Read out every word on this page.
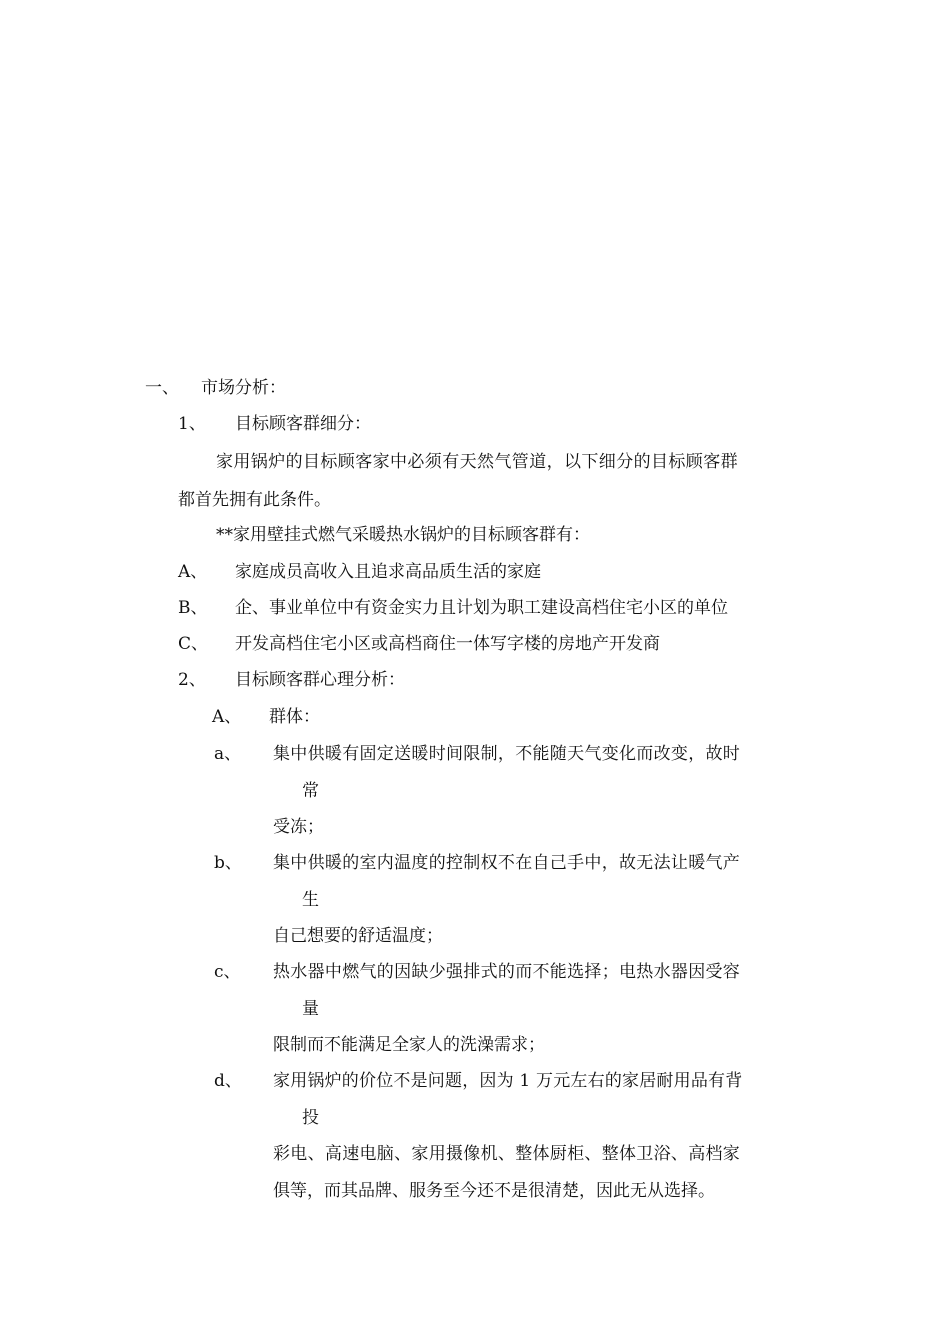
一、 市场分析：
1、 目标顾客群细分：
家用锅炉的目标顾客家中必须有天然气管道，以下细分的目标顾客群
都首先拥有此条件。
**家用壁挂式燃气采暖热水锅炉的目标顾客群有：
A、 家庭成员高收入且追求高品质生活的家庭
B、 企、事业单位中有资金实力且计划为职工建设高档住宅小区的单位
C、 开发高档住宅小区或高档商住一体写字楼的房地产开发商
2、 目标顾客群心理分析：
A、 群体：
a、 集中供暖有固定送暖时间限制，不能随天气变化而改变，故时
常
受冻；
b、 集中供暖的室内温度的控制权不在自己手中，故无法让暖气产
生
自己想要的舒适温度；
c、 热水器中燃气的因缺少强排式的而不能选择；电热水器因受容
量
限制而不能满足全家人的洗澡需求；
d、 家用锅炉的价位不是问题，因为 1 万元左右的家居耐用品有背
投
彩电、高速电脑、家用摄像机、整体厨柜、整体卫浴、高档家
俱等，而其品牌、服务至今还不是很清楚，因此无从选择。
